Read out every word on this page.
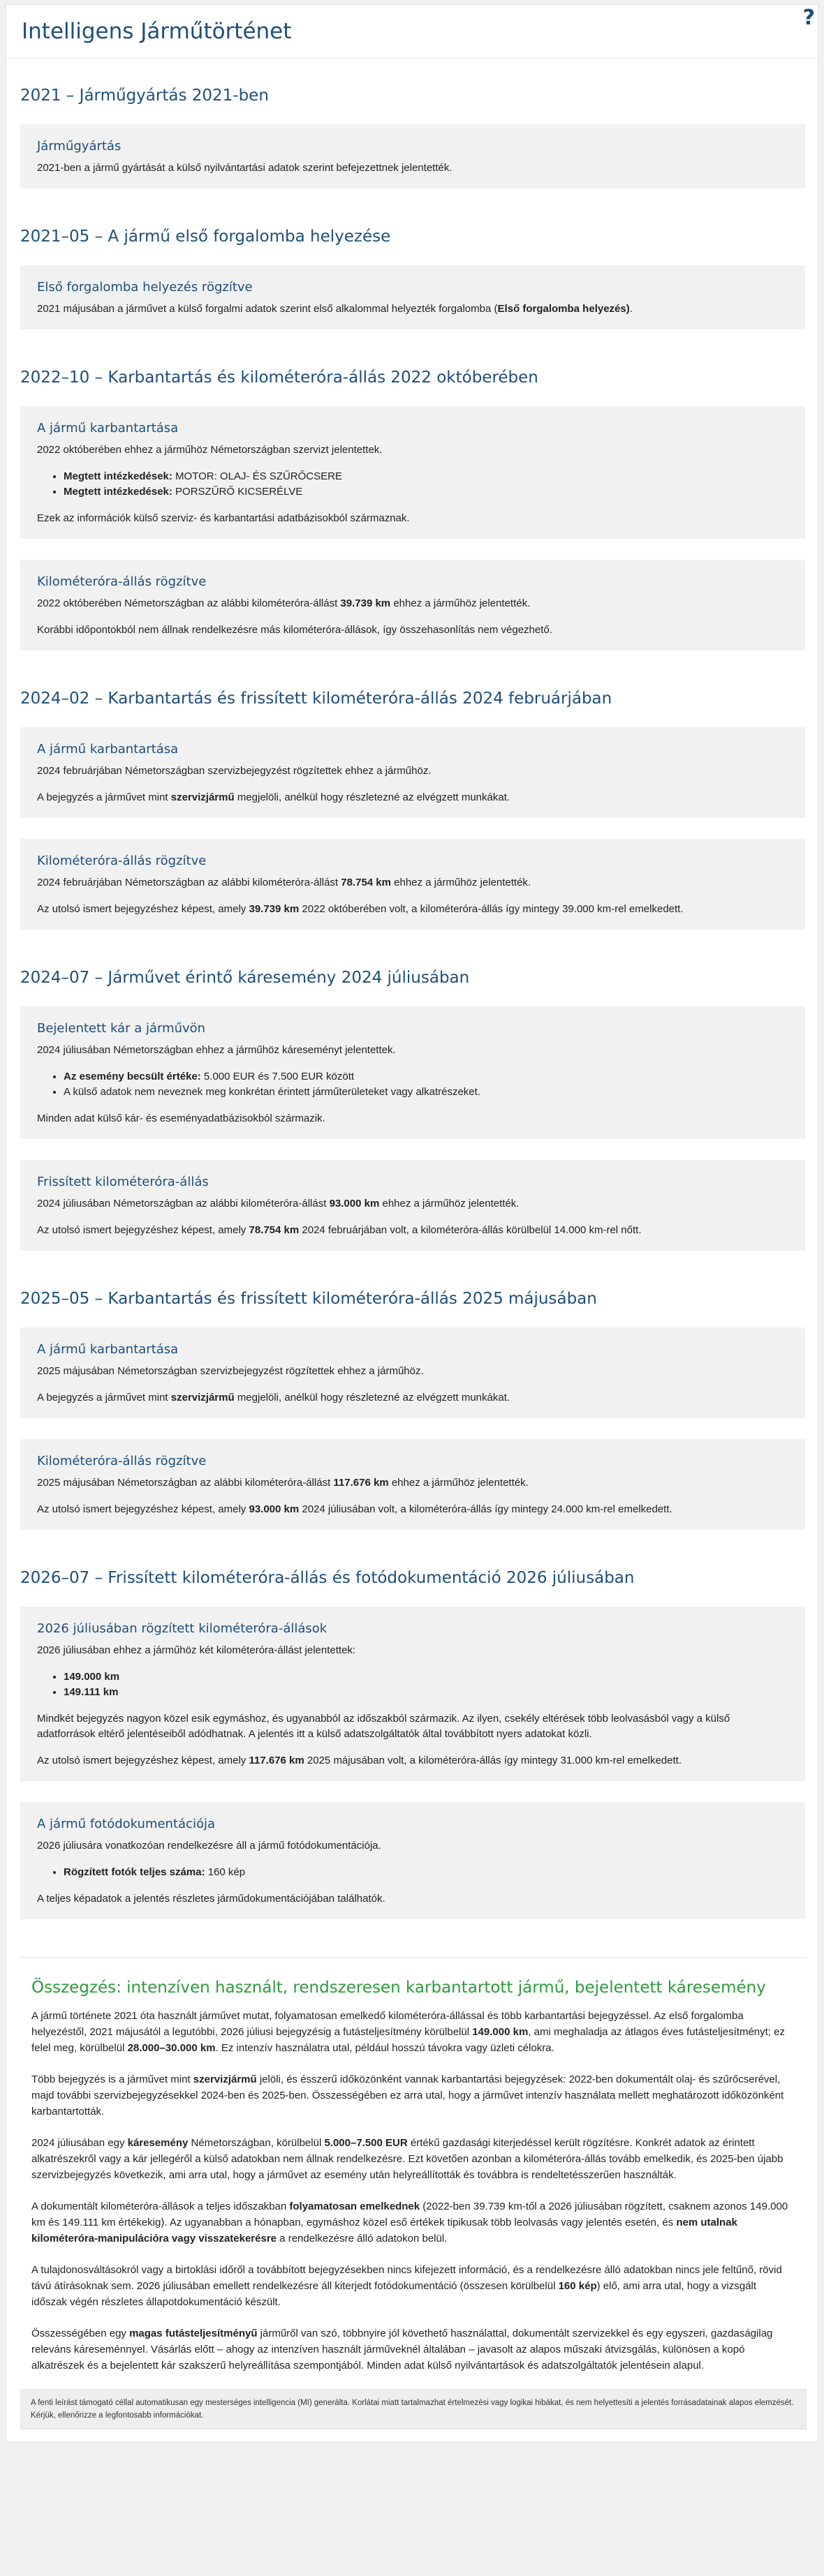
Intelligens Járműtörténet
?
2021 – Járműgyártás 2021-ben
Járműgyártás

2021-ben a jármű gyártását a külső nyilvántartási adatok szerint befejezettnek jelentették.

2021–05 – A jármű első forgalomba helyezése
Első forgalomba helyezés rögzítve

2021 májusában a járművet a külső forgalmi adatok szerint első alkalommal helyezték forgalomba (Első forgalomba helyezés).

2022–10 – Karbantartás és kilométeróra-állás 2022 októberében
A jármű karbantartása

2022 októberében ehhez a járműhöz Németországban szervizt jelentettek.

• Megtett intézkedések: MOTOR: OLAJ- ÉS SZŰRŐCSERE
• Megtett intézkedések: PORSZŰRŐ KICSERÉLVE

Ezek az információk külső szerviz- és karbantartási adatbázisokból származnak.

Kilométeróra-állás rögzítve

2022 októberében Németországban az alábbi kilométeróra-állást 39.739 km ehhez a járműhöz jelentették.

Korábbi időpontokból nem állnak rendelkezésre más kilométeróra-állások, így összehasonlítás nem végezhető.

2024–02 – Karbantartás és frissített kilométeróra-állás 2024 februárjában
A jármű karbantartása

2024 februárjában Németországban szervizbejegyzést rögzítettek ehhez a járműhöz.

A bejegyzés a járművet mint szervizjármű megjelöli, anélkül hogy részletezné az elvégzett munkákat.

Kilométeróra-állás rögzítve

2024 februárjában Németországban az alábbi kilométeróra-állást 78.754 km ehhez a járműhöz jelentették.

Az utolsó ismert bejegyzéshez képest, amely 39.739 km 2022 októberében volt, a kilométeróra-állás így mintegy 39.000 km-rel emelkedett.

2024–07 – Járművet érintő káresemény 2024 júliusában
Bejelentett kár a járművön

2024 júliusában Németországban ehhez a járműhöz káreseményt jelentettek.

• Az esemény becsült értéke: 5.000 EUR és 7.500 EUR között
• A külső adatok nem neveznek meg konkrétan érintett járműterületeket vagy alkatrészeket.

Minden adat külső kár- és eseményadatbázisokból származik.

Frissített kilométeróra-állás

2024 júliusában Németországban az alábbi kilométeróra-állást 93.000 km ehhez a járműhöz jelentették.

Az utolsó ismert bejegyzéshez képest, amely 78.754 km 2024 februárjában volt, a kilométeróra-állás körülbelül 14.000 km-rel nőtt.

2025–05 – Karbantartás és frissített kilométeróra-állás 2025 májusában
A jármű karbantartása

2025 májusában Németországban szervizbejegyzést rögzítettek ehhez a járműhöz.

A bejegyzés a járművet mint szervizjármű megjelöli, anélkül hogy részletezné az elvégzett munkákat.

Kilométeróra-állás rögzítve

2025 májusában Németországban az alábbi kilométeróra-állást 117.676 km ehhez a járműhöz jelentették.

Az utolsó ismert bejegyzéshez képest, amely 93.000 km 2024 júliusában volt, a kilométeróra-állás így mintegy 24.000 km-rel emelkedett.

2026–07 – Frissített kilométeróra-állás és fotódokumentáció 2026 júliusában
2026 júliusában rögzített kilométeróra-állások

2026 júliusában ehhez a járműhöz két kilométeróra-állást jelentettek:

• 149.000 km
• 149.111 km

Mindkét bejegyzés nagyon közel esik egymáshoz, és ugyanabból az időszakból származik. Az ilyen, csekély eltérések több leolvasásból vagy a külső adatforrások eltérő jelentéseiből adódhatnak. A jelentés itt a külső adatszolgáltatók által továbbított nyers adatokat közli.

Az utolsó ismert bejegyzéshez képest, amely 117.676 km 2025 májusában volt, a kilométeróra-állás így mintegy 31.000 km-rel emelkedett.

A jármű fotódokumentációja

2026 júliusára vonatkozóan rendelkezésre áll a jármű fotódokumentációja.

• Rögzített fotók teljes száma: 160 kép

A teljes képadatok a jelentés részletes járműdokumentációjában találhatók.

Összegzés: intenzíven használt, rendszeresen karbantartott jármű, bejelentett káresemény

A jármű története 2021 óta használt járművet mutat, folyamatosan emelkedő kilométeróra-állással és több karbantartási bejegyzéssel. Az első forgalomba helyezéstől, 2021 májusától a legutóbbi, 2026 júliusi bejegyzésig a futásteljesítmény körülbelül 149.000 km, ami meghaladja az átlagos éves futásteljesítményt; ez felel meg, körülbelül 28.000–30.000 km. Ez intenzív használatra utal, például hosszú távokra vagy üzleti célokra.

Több bejegyzés is a járművet mint szervizjármű jelöli, és ésszerű időközönként vannak karbantartási bejegyzések: 2022-ben dokumentált olaj- és szűrőcserével, majd további szervizbejegyzésekkel 2024-ben és 2025-ben. Összességében ez arra utal, hogy a járművet intenzív használata mellett meghatározott időközönként karbantartották.

2024 júliusában egy káresemény Németországban, körülbelül 5.000–7.500 EUR értékű gazdasági kiterjedéssel került rögzítésre. Konkrét adatok az érintett alkatrészekről vagy a kár jellegéről a külső adatokban nem állnak rendelkezésre. Ezt követően azonban a kilométeróra-állás tovább emelkedik, és 2025-ben újabb szervizbejegyzés következik, ami arra utal, hogy a járművet az esemény után helyreállították és továbbra is rendeltetésszerűen használták.

A dokumentált kilométeróra-állások a teljes időszakban folyamatosan emelkednek (2022-ben 39.739 km-től a 2026 júliusában rögzített, csaknem azonos 149.000 km és 149.111 km értékekig). Az ugyanabban a hónapban, egymáshoz közel eső értékek tipikusak több leolvasás vagy jelentés esetén, és nem utalnak kilométeróra-manipulációra vagy visszatekerésre a rendelkezésre álló adatokon belül.

A tulajdonosváltásokról vagy a birtoklási időről a továbbított bejegyzésekben nincs kifejezett információ, és a rendelkezésre álló adatokban nincs jele feltűnő, rövid távú átírásoknak sem. 2026 júliusában emellett rendelkezésre áll kiterjedt fotódokumentáció (összesen körülbelül 160 kép) elő, ami arra utal, hogy a vizsgált időszak végén részletes állapotdokumentáció készült.

Összességében egy magas futásteljesítményű járműről van szó, többnyire jól követhető használattal, dokumentált szervizekkel és egy egyszeri, gazdaságilag releváns káreseménnyel. Vásárlás előtt – ahogy az intenzíven használt járműveknél általában – javasolt az alapos műszaki átvizsgálás, különösen a kopó alkatrészek és a bejelentett kár szakszerű helyreállítása szempontjából. Minden adat külső nyilvántartások és adatszolgáltatók jelentésein alapul.

A fenti leírást támogató céllal automatikusan egy mesterséges intelligencia (MI) generálta. Korlátai miatt tartalmazhat értelmezési vagy logikai hibákat, és nem helyettesíti a jelentés forrásadatainak alapos elemzését. Kérjük, ellenőrizze a legfontosabb információkat.
